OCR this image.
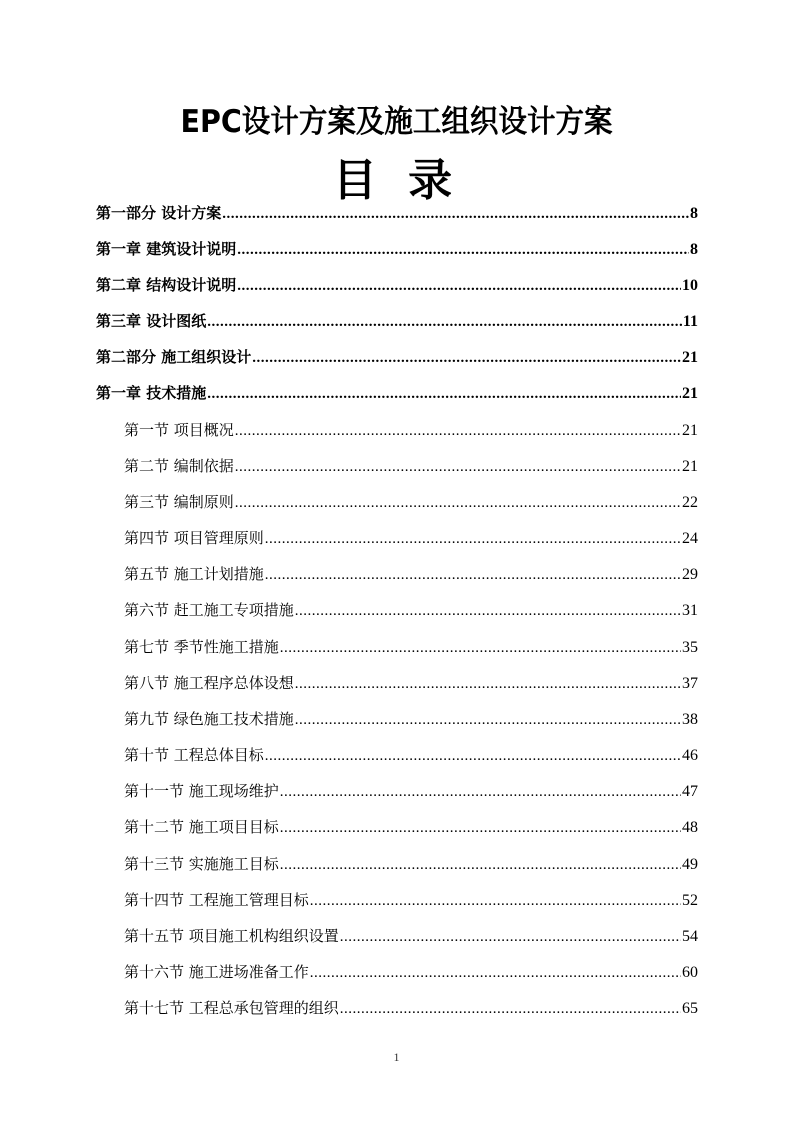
EPC设计方案及施工组织设计方案
目 录
第一部分 设计方案 .....	8
第一章 建筑设计说明 .....	8
第二章 结构设计说明 .....	10
第三章 设计图纸 .....	11
第二部分 施工组织设计 .....	21
第一章 技术措施 .....	21
第一节 项目概况 .....	21
第二节 编制依据 .....	21
第三节 编制原则 .....	22
第四节 项目管理原则 .....	24
第五节 施工计划措施 .....	29
第六节 赶工施工专项措施 .....	31
第七节 季节性施工措施 .....	35
第八节 施工程序总体设想 .....	37
第九节 绿色施工技术措施 .....	38
第十节 工程总体目标 .....	46
第十一节 施工现场维护 .....	47
第十二节 施工项目目标 .....	48
第十三节 实施施工目标 .....	49
第十四节 工程施工管理目标 .....	52
第十五节 项目施工机构组织设置 .....	54
第十六节 施工进场准备工作 .....	60
第十七节 工程总承包管理的组织 .....	65
1
